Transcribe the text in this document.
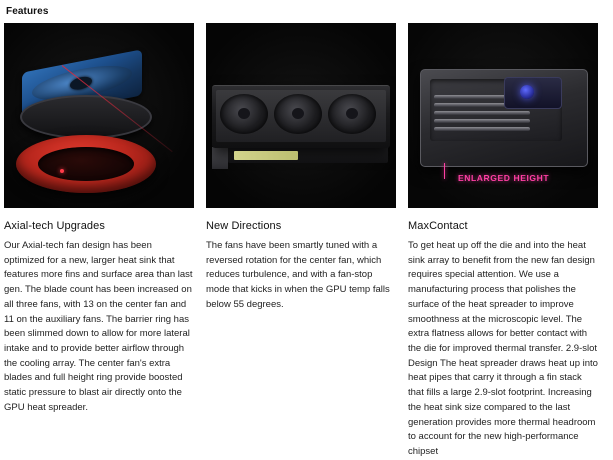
Features
Axial-tech Upgrades
Our Axial-tech fan design has been optimized for a new, larger heat sink that features more fins and surface area than last gen. The blade count has been increased on all three fans, with 13 on the center fan and 11 on the auxiliary fans. The barrier ring has been slimmed down to allow for more lateral intake and to provide better airflow through the cooling array. The center fan's extra blades and full height ring provide boosted static pressure to blast air directly onto the GPU heat spreader.
New Directions
The fans have been smartly tuned with a reversed rotation for the center fan, which reduces turbulence, and with a fan-stop mode that kicks in when the GPU temp falls below 55 degrees.
ENLARGED HEIGHT
MaxContact
To get heat up off the die and into the heat sink array to benefit from the new fan design requires special attention. We use a manufacturing process that polishes the surface of the heat spreader to improve smoothness at the microscopic level. The extra flatness allows for better contact with the die for improved thermal transfer. 2.9-slot Design The heat spreader draws heat up into heat pipes that carry it through a fin stack that fills a large 2.9-slot footprint. Increasing the heat sink size compared to the last generation provides more thermal headroom to account for the new high-performance chipset
